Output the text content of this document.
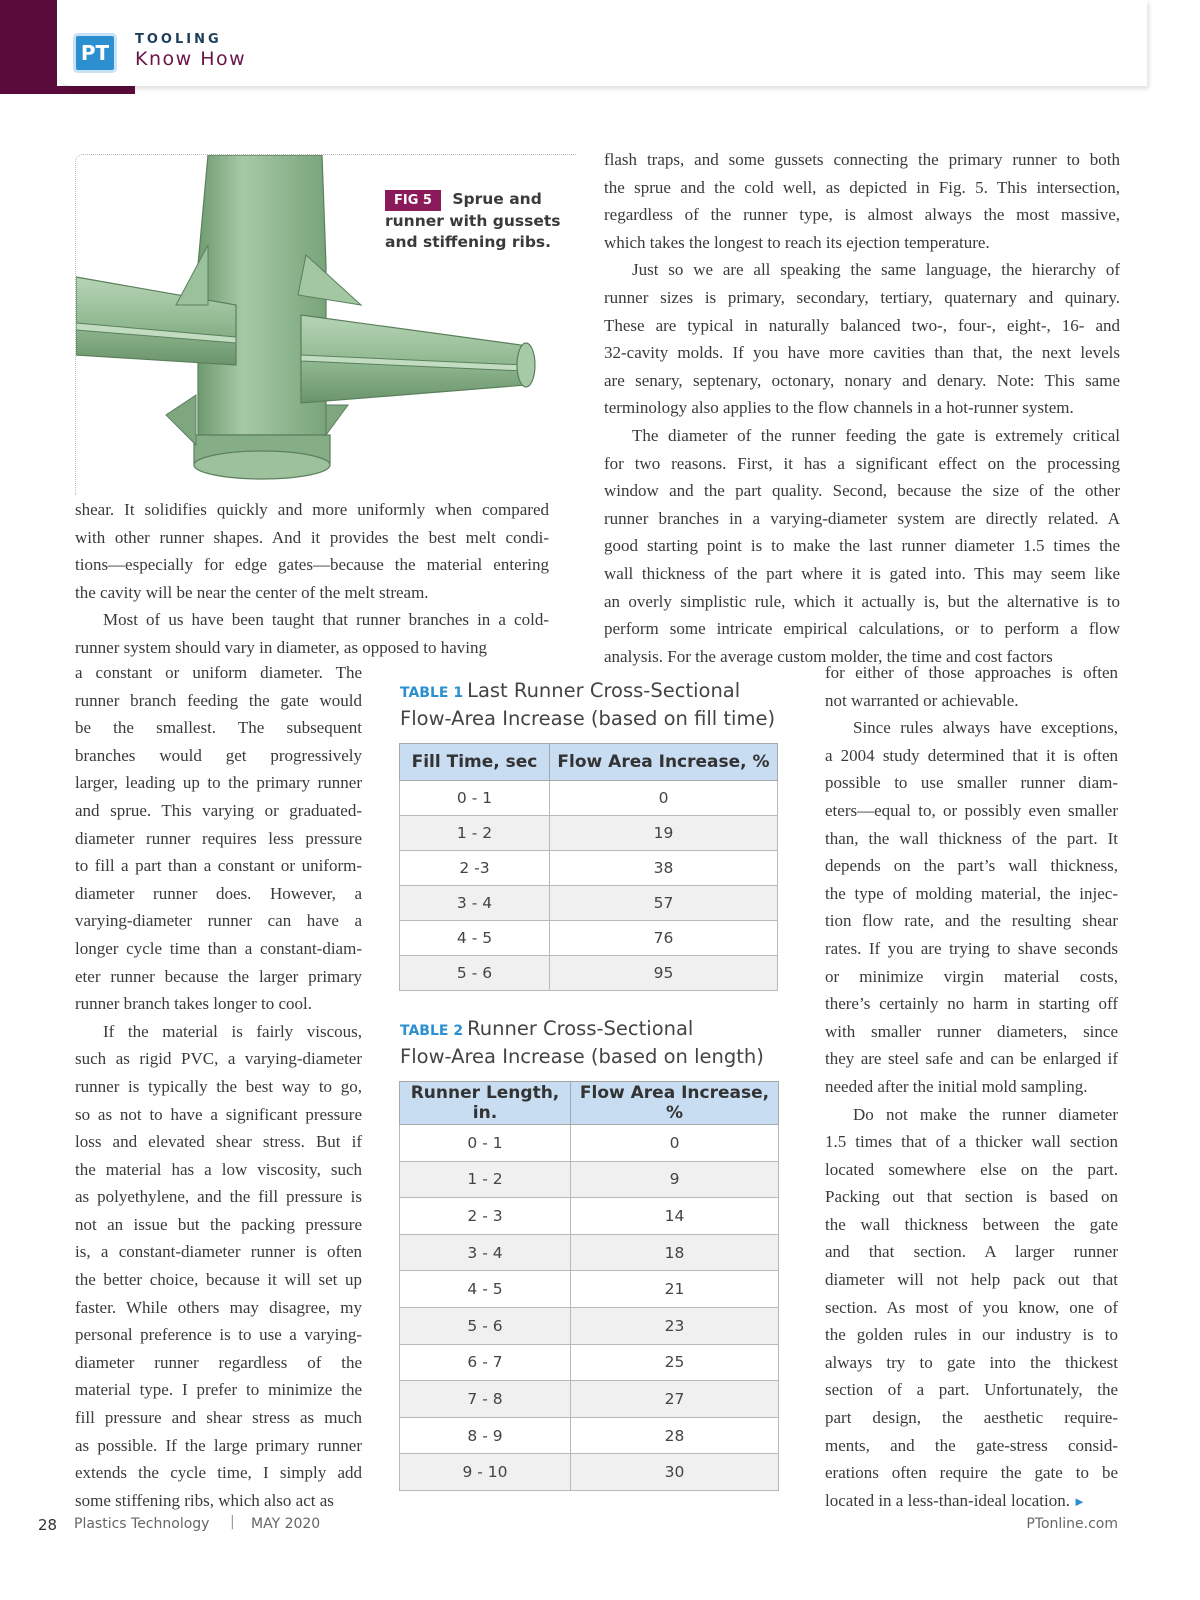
PT
TOOLING
Know How
FIG 5 Sprue and runner with gussets and stiffening ribs.

flash traps, and some gussets connecting the primary runner to both
the sprue and the cold well, as depicted in Fig. 5. This intersection,
regardless of the runner type, is almost always the most massive,
which takes the longest to reach its ejection temperature.

Just so we are all speaking the same language, the hierarchy of
runner sizes is primary, secondary, tertiary, quaternary and quinary.
These are typical in naturally balanced two-, four-, eight-, 16- and
32-cavity molds. If you have more cavities than that, the next levels
are senary, septenary, octonary, nonary and denary. Note: This same
terminology also applies to the flow channels in a hot-runner system.

The diameter of the runner feeding the gate is extremely critical
for two reasons. First, it has a significant effect on the processing
window and the part quality. Second, because the size of the other
runner branches in a varying-diameter system are directly related. A
good starting point is to make the last runner diameter 1.5 times the
wall thickness of the part where it is gated into. This may seem like
an overly simplistic rule, which it actually is, but the alternative is to
perform some intricate empirical calculations, or to perform a flow
analysis. For the average custom molder, the time and cost factors

shear. It solidifies quickly and more uniformly when compared
with other runner shapes. And it provides the best melt condi-
tions—especially for edge gates—because the material entering
the cavity will be near the center of the melt stream.

Most of us have been taught that runner branches in a cold-
runner system should vary in diameter, as opposed to having

a constant or uniform diameter. The
runner branch feeding the gate would
be the smallest. The subsequent
branches would get progressively
larger, leading up to the primary runner
and sprue. This varying or graduated-
diameter runner requires less pressure
to fill a part than a constant or uniform-
diameter runner does. However, a
varying-diameter runner can have a
longer cycle time than a constant-diam-
eter runner because the larger primary
runner branch takes longer to cool.

If the material is fairly viscous,
such as rigid PVC, a varying-diameter
runner is typically the best way to go,
so as not to have a significant pressure
loss and elevated shear stress. But if
the material has a low viscosity, such
as polyethylene, and the fill pressure is
not an issue but the packing pressure
is, a constant-diameter runner is often
the better choice, because it will set up
faster. While others may disagree, my
personal preference is to use a varying-
diameter runner regardless of the
material type. I prefer to minimize the
fill pressure and shear stress as much
as possible. If the large primary runner
extends the cycle time, I simply add
some stiffening ribs, which also act as

for either of those approaches is often
not warranted or achievable.

Since rules always have exceptions,
a 2004 study determined that it is often
possible to use smaller runner diam-
eters—equal to, or possibly even smaller
than, the wall thickness of the part. It
depends on the part’s wall thickness,
the type of molding material, the injec-
tion flow rate, and the resulting shear
rates. If you are trying to shave seconds
or minimize virgin material costs,
there’s certainly no harm in starting off
with smaller runner diameters, since
they are steel safe and can be enlarged if
needed after the initial mold sampling.

Do not make the runner diameter
1.5 times that of a thicker wall section
located somewhere else on the part.
Packing out that section is based on
the wall thickness between the gate
and that section. A larger runner
diameter will not help pack out that
section. As most of you know, one of
the golden rules in our industry is to
always try to gate into the thickest
section of a part. Unfortunately, the
part design, the aesthetic require-
ments, and the gate-stress consid-
erations often require the gate to be
located in a less-than-ideal location. ►

TABLE 1 Last Runner Cross-Sectional
Flow-Area Increase (based on fill time)
Fill Time, sec	Flow Area Increase, %
0 - 1	0
1 - 2	19
2 -3	38
3 - 4	57
4 - 5	76
5 - 6	95
TABLE 2 Runner Cross-Sectional
Flow-Area Increase (based on length)
Runner Length, in.	Flow Area Increase, %
0 - 1	0
1 - 2	9
2 - 3	14
3 - 4	18
4 - 5	21
5 - 6	23
6 - 7	25
7 - 8	27
8 - 9	28
9 - 10	30
28 Plastics Technology | MAY 2020	PTonline.com
